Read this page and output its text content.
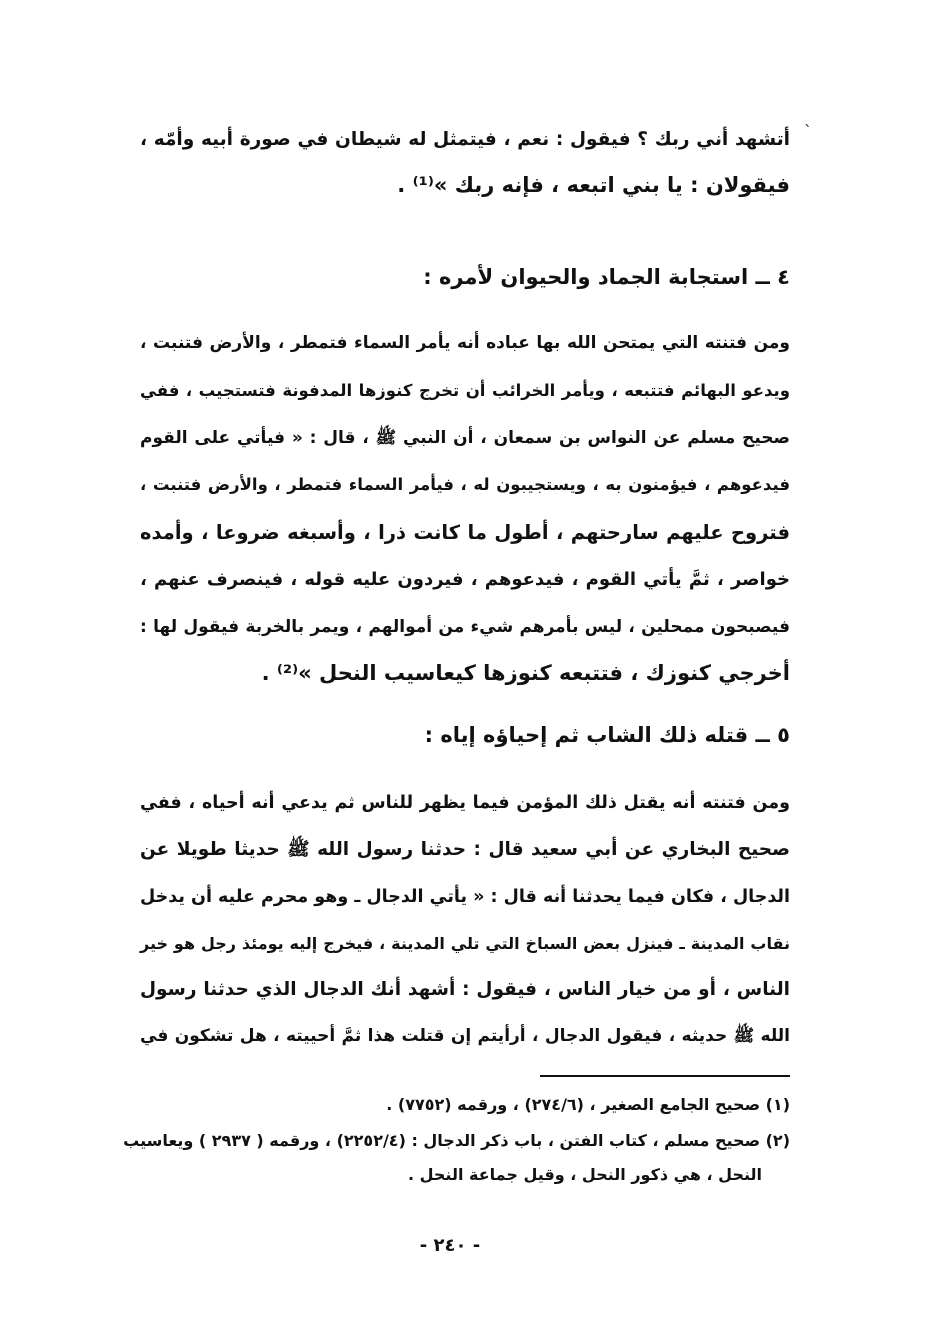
`
أتشهد أني ربك ؟ فيقول : نعم ، فيتمثل له شيطان في صورة أبيه وأمّه ،
فيقولان : يا بني اتبعه ، فإنه ربك »⁽¹⁾ .
٤ ــ استجابة الجماد والحيوان لأمره :
ومن فتنته التي يمتحن الله بها عباده أنه يأمر السماء فتمطر ، والأرض فتنبت ،
ويدعو البهائم فتتبعه ، ويأمر الخرائب أن تخرج كنوزها المدفونة فتستجيب ، ففي
صحيح مسلم عن النواس بن سمعان ، أن النبي ﷺ ، قال : « فيأتي على القوم
فيدعوهم ، فيؤمنون به ، ويستجيبون له ، فيأمر السماء فتمطر ، والأرض فتنبت ،
فتروح عليهم سارحتهم ، أطول ما كانت ذرا ، وأسبغه ضروعا ، وأمده
خواصر ، ثمَّ يأتي القوم ، فيدعوهم ، فيردون عليه قوله ، فينصرف عنهم ،
فيصبحون ممحلين ، ليس بأمرهم شيء من أموالهم ، ويمر بالخربة فيقول لها :
أخرجي كنوزك ، فتتبعه كنوزها كيعاسيب النحل »⁽²⁾ .
٥ ــ قتله ذلك الشاب ثم إحياؤه إياه :
ومن فتنته أنه يقتل ذلك المؤمن فيما يظهر للناس ثم يدعي أنه أحياه ، ففي
صحيح البخاري عن أبي سعيد قال : حدثنا رسول الله ﷺ حديثا طويلا عن
الدجال ، فكان فيما يحدثنا أنه قال : « يأتي الدجال ـ وهو محرم عليه أن يدخل
نقاب المدينة ـ فينزل بعض السباخ التي تلي المدينة ، فيخرج إليه يومئذ رجل هو خير
الناس ، أو من خيار الناس ، فيقول : أشهد أنك الدجال الذي حدثنا رسول
الله ﷺ حديثه ، فيقول الدجال ، أرأيتم إن قتلت هذا ثمَّ أحييته ، هل تشكون في
(١) صحيح الجامع الصغير ، (٢٧٤/٦) ، ورقمه (٧٧٥٢) .
(٢) صحيح مسلم ، كتاب الفتن ، باب ذكر الدجال : (٢٢٥٢/٤) ، ورقمه ( ٢٩٣٧ ) ويعاسيب
النحل ، هي ذكور النحل ، وقيل جماعة النحل .
- ٢٤٠ -
